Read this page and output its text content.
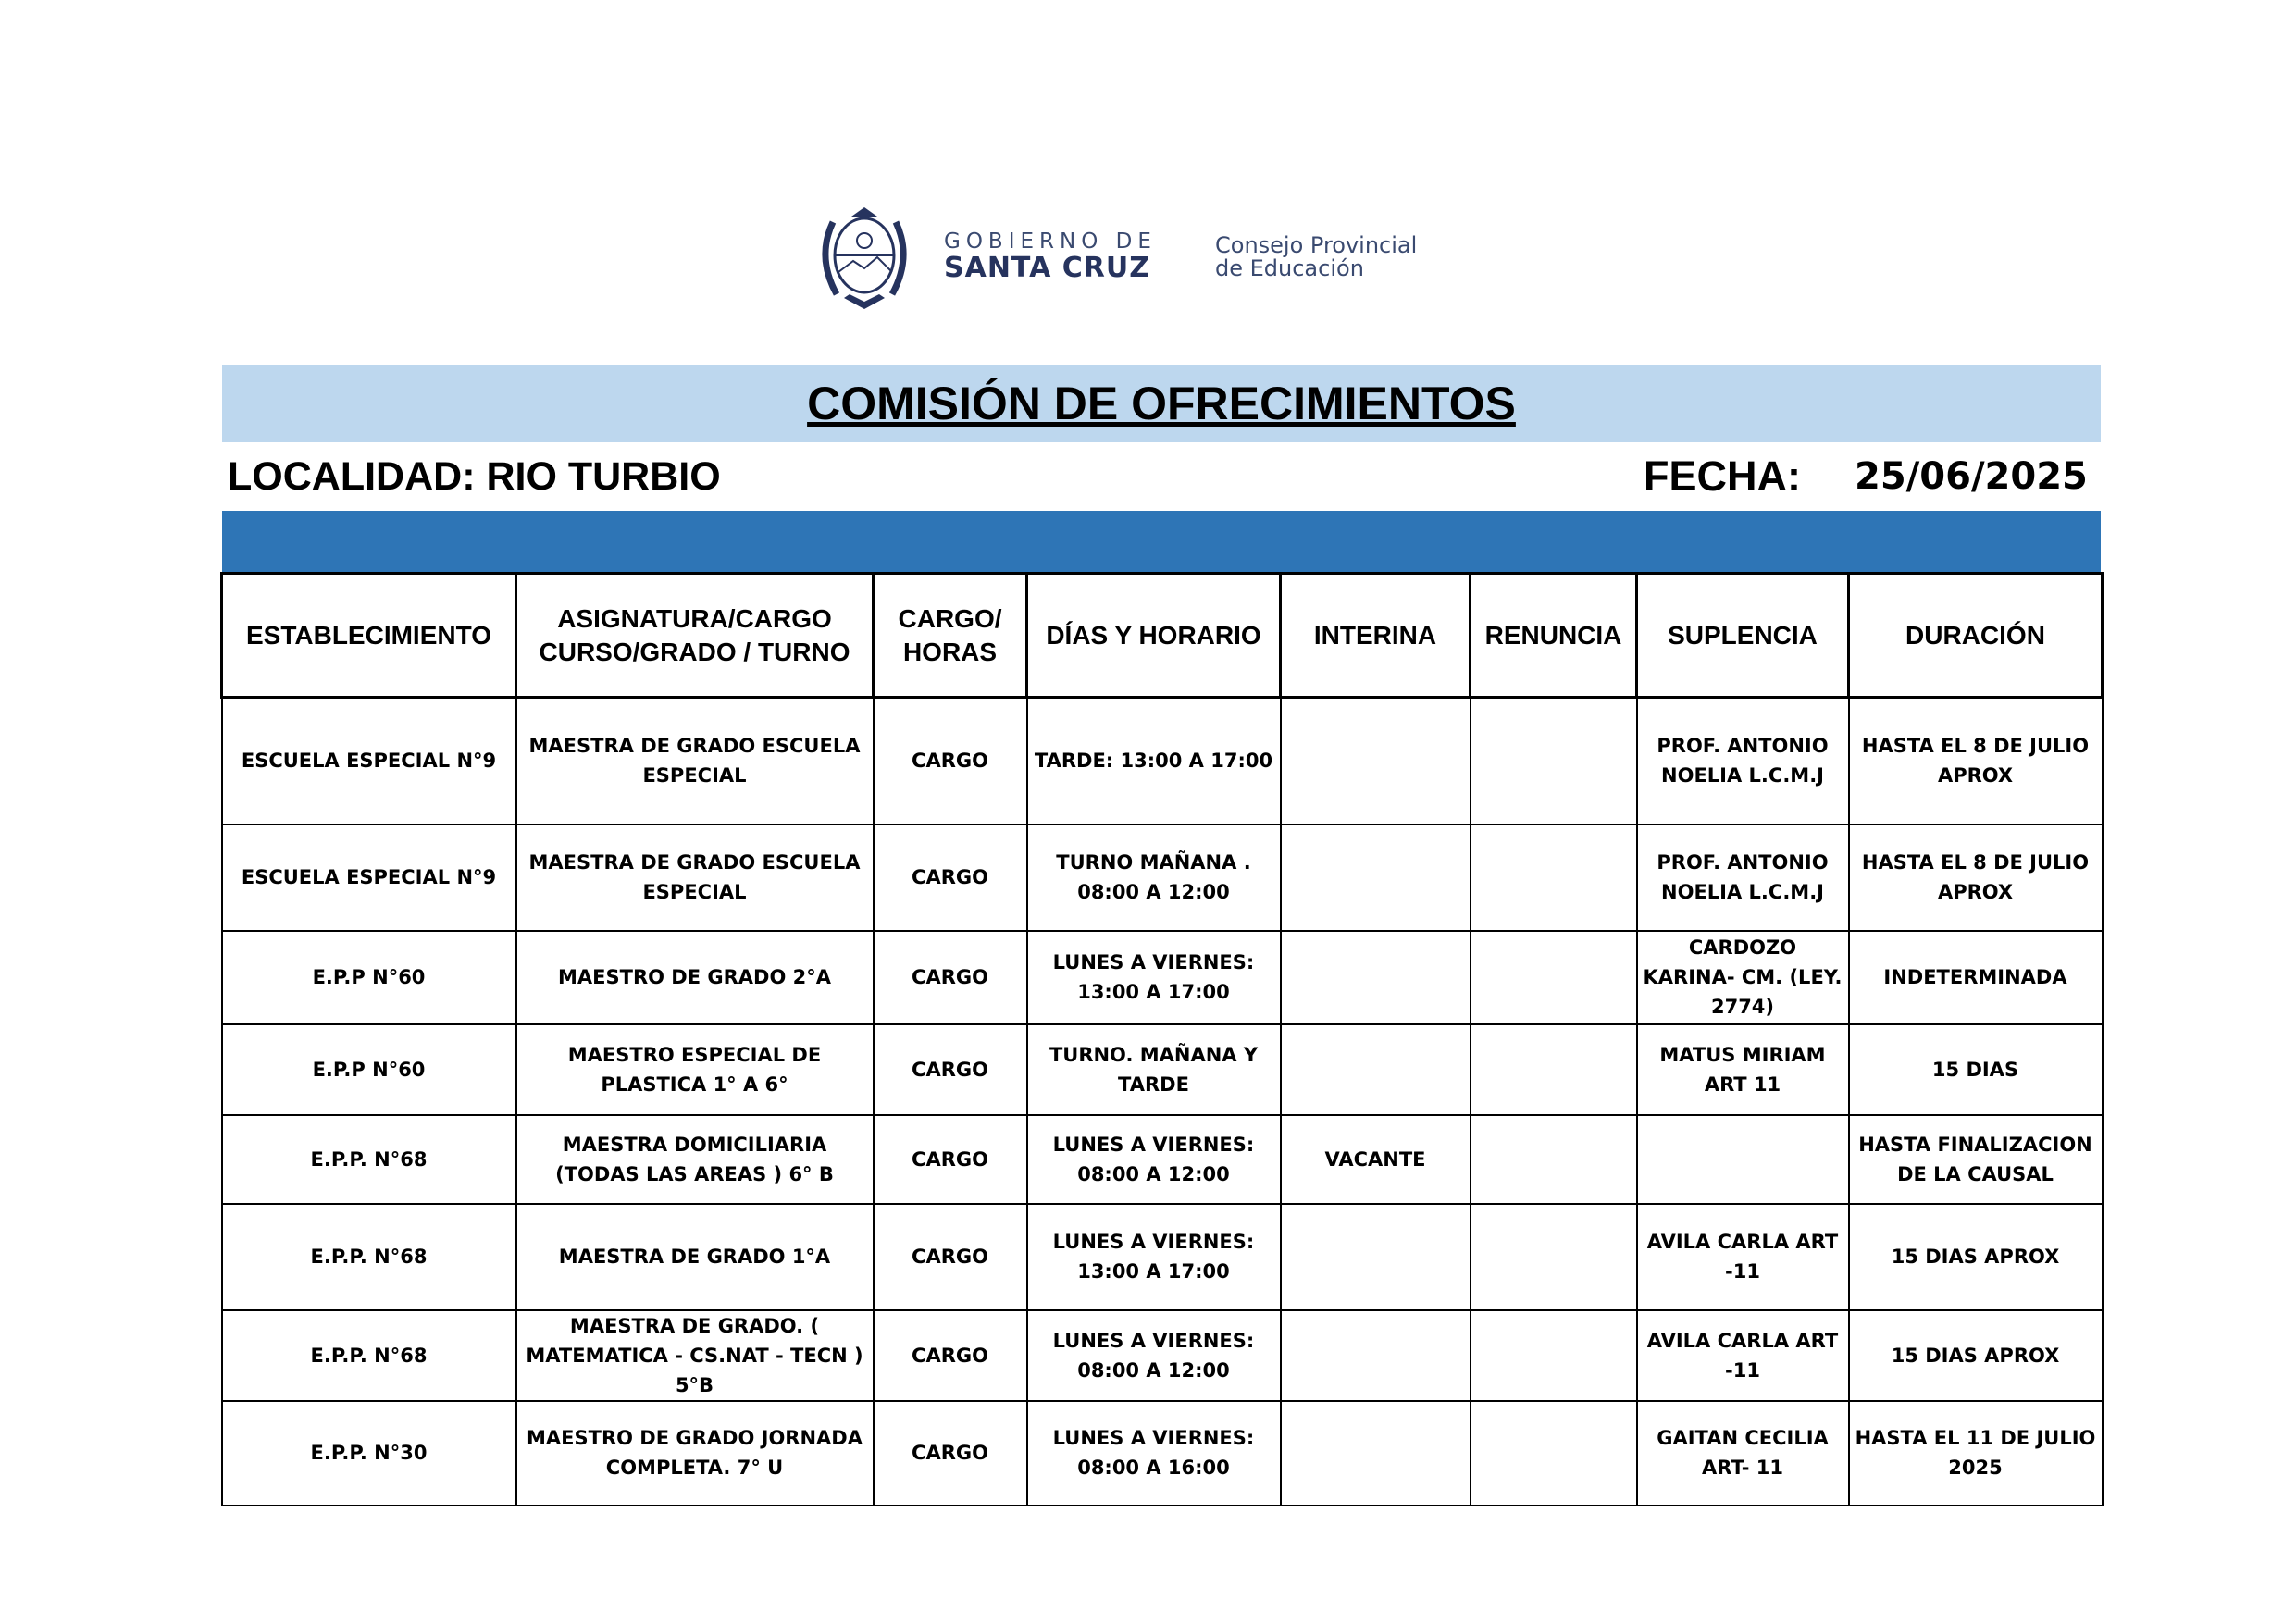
GOBIERNO DE
SANTA CRUZ
Consejo Provincial
de Educación
COMISIÓN DE OFRECIMIENTOS
LOCALIDAD: RIO TURBIO	FECHA: 25/06/2025
ESTABLECIMIENTO	ASIGNATURA/CARGO CURSO/GRADO / TURNO	CARGO/ HORAS	DÍAS Y HORARIO	INTERINA	RENUNCIA	SUPLENCIA	DURACIÓN
ESCUELA ESPECIAL N°9	MAESTRA DE GRADO ESCUELA ESPECIAL	CARGO	TARDE: 13:00 A 17:00			PROF. ANTONIO NOELIA L.C.M.J	HASTA EL 8 DE JULIO APROX
ESCUELA ESPECIAL N°9	MAESTRA DE GRADO ESCUELA ESPECIAL	CARGO	TURNO MAÑANA . 08:00 A 12:00			PROF. ANTONIO NOELIA L.C.M.J	HASTA EL 8 DE JULIO APROX
E.P.P N°60	MAESTRO DE GRADO 2°A	CARGO	LUNES A VIERNES: 13:00 A 17:00			CARDOZO KARINA- CM. (LEY. 2774)	INDETERMINADA
E.P.P N°60	MAESTRO ESPECIAL DE PLASTICA 1° A 6°	CARGO	TURNO. MAÑANA Y TARDE			MATUS MIRIAM ART 11	15 DIAS
E.P.P. N°68	MAESTRA DOMICILIARIA (TODAS LAS AREAS ) 6° B	CARGO	LUNES A VIERNES: 08:00 A 12:00	VACANTE			HASTA FINALIZACION DE LA CAUSAL
E.P.P. N°68	MAESTRA DE GRADO 1°A	CARGO	LUNES A VIERNES: 13:00 A 17:00			AVILA CARLA ART -11	15 DIAS APROX
E.P.P. N°68	MAESTRA DE GRADO. ( MATEMATICA - CS.NAT - TECN ) 5°B	CARGO	LUNES A VIERNES: 08:00 A 12:00			AVILA CARLA ART -11	15 DIAS APROX
E.P.P. N°30	MAESTRO DE GRADO JORNADA COMPLETA. 7° U	CARGO	LUNES A VIERNES: 08:00 A 16:00			GAITAN CECILIA ART- 11	HASTA EL 11 DE JULIO 2025
